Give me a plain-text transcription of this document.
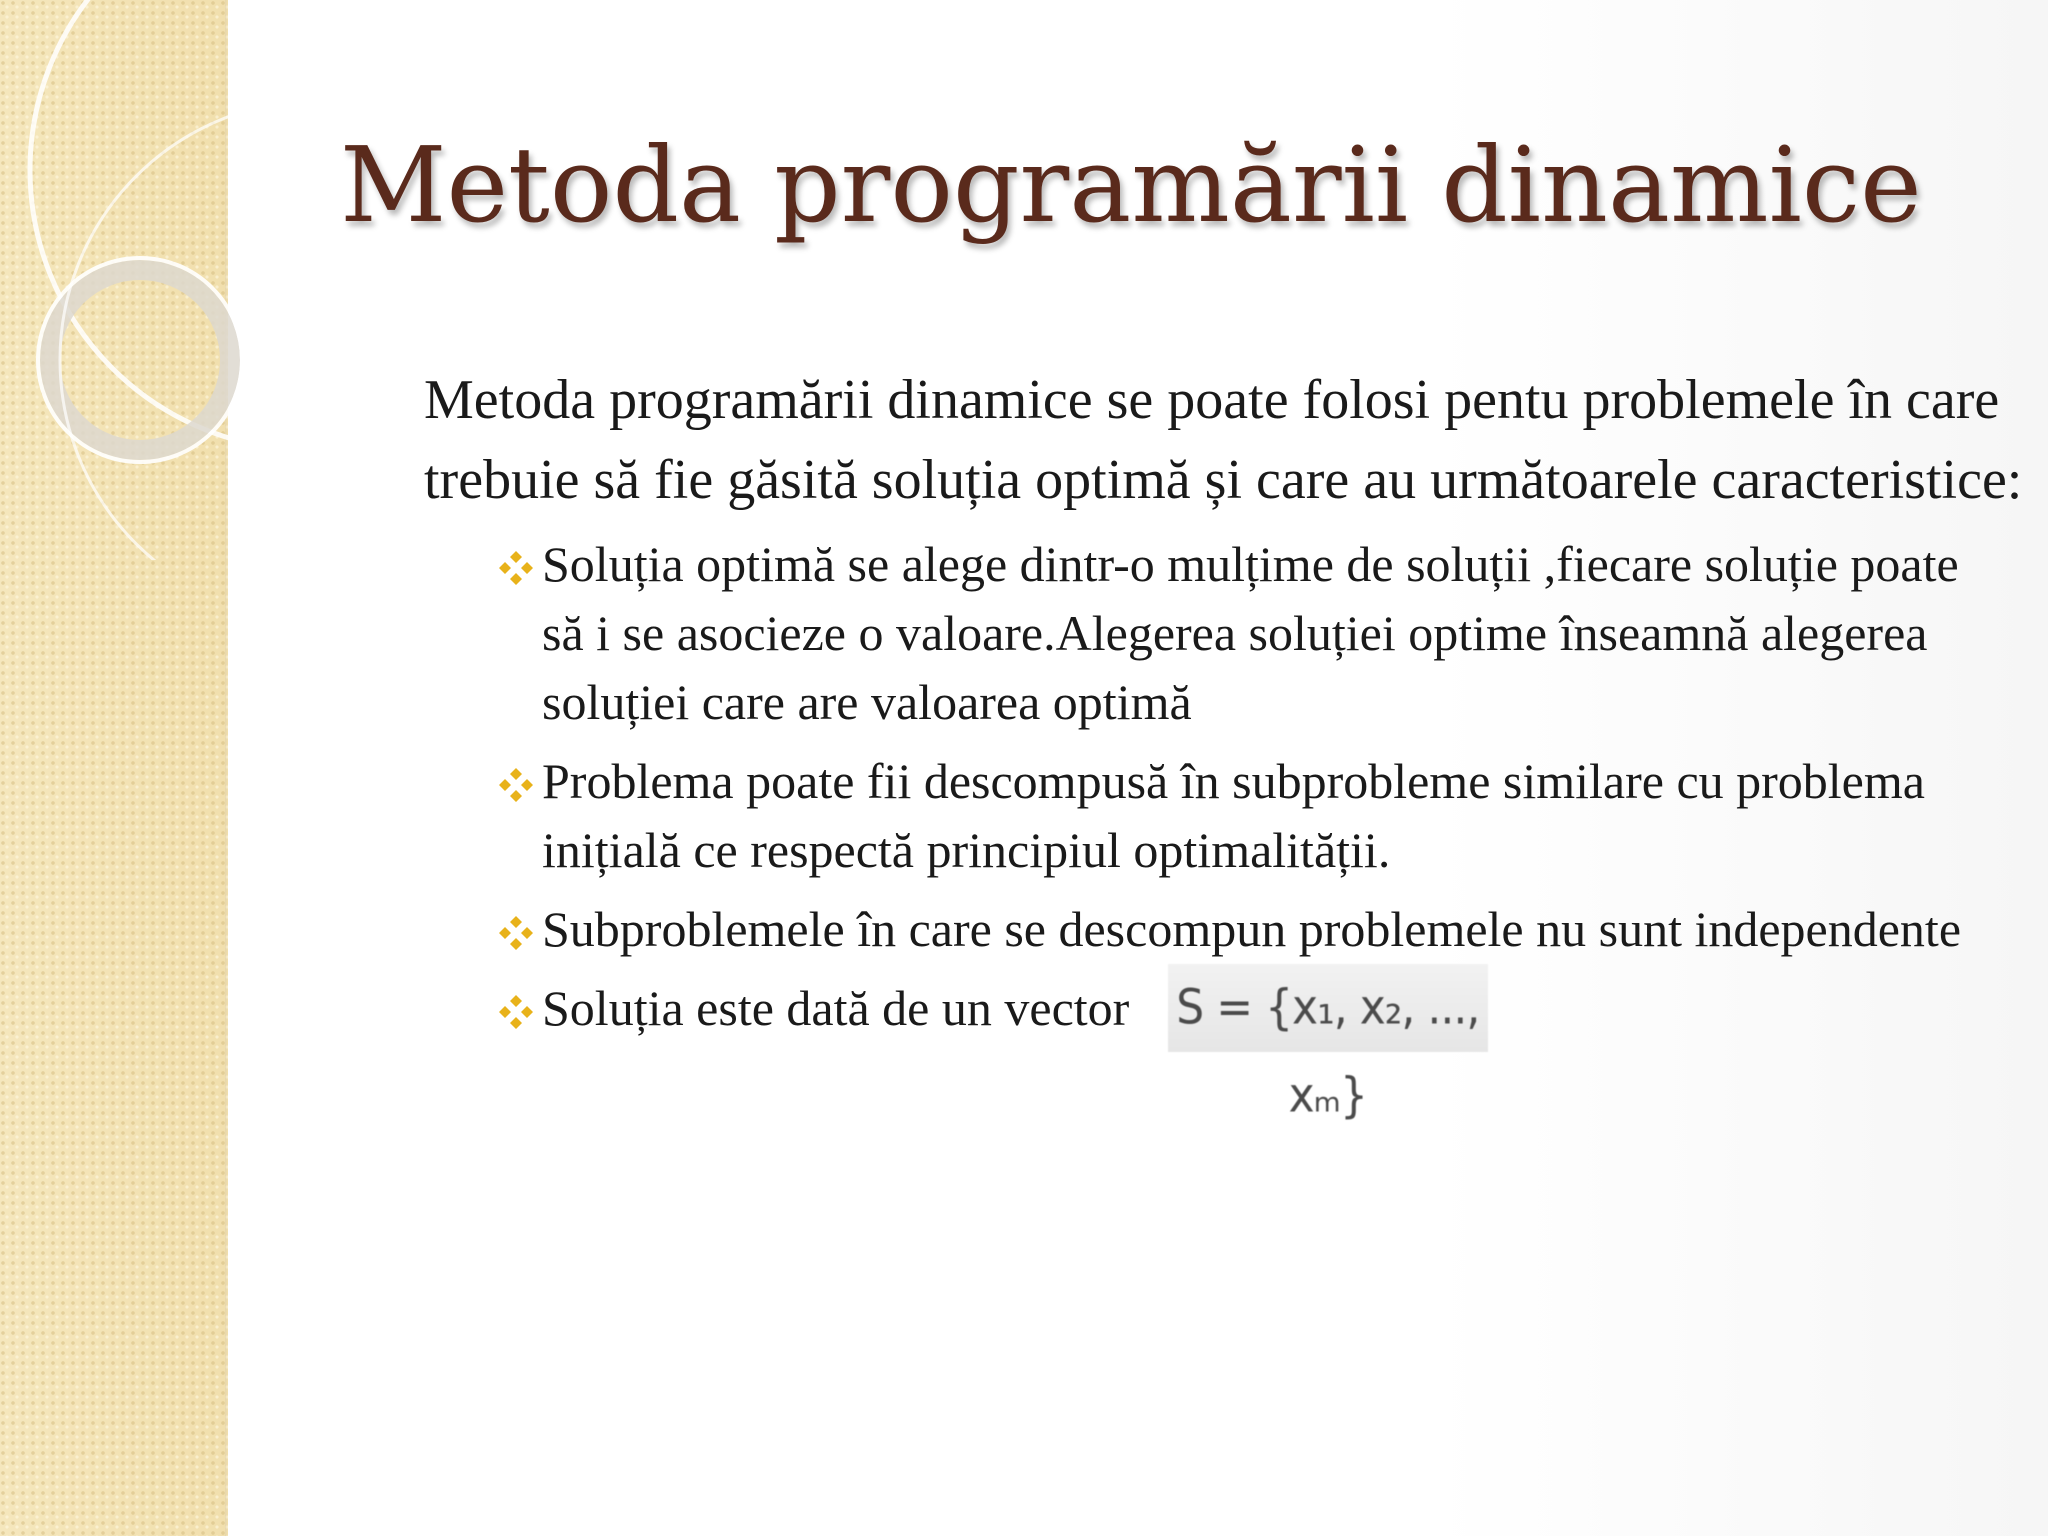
Metoda programării dinamice

Metoda programării dinamice se poate folosi pentu problemele în care trebuie să fie găsită soluția optimă și care au următoarele caracteristice:

Soluția optimă se alege dintr-o mulțime de soluții ,fiecare soluție poate să i se asocieze o valoare.Alegerea soluției optime înseamnă alegerea soluției care are valoarea optimă
Problema poate fii descompusă în subprobleme similare cu problema inițială ce respectă principiul optimalității.
Subproblemele în care se descompun problemele nu sunt independente
Soluția este dată de un vector S = {x₁, x₂, ..., xₘ}
